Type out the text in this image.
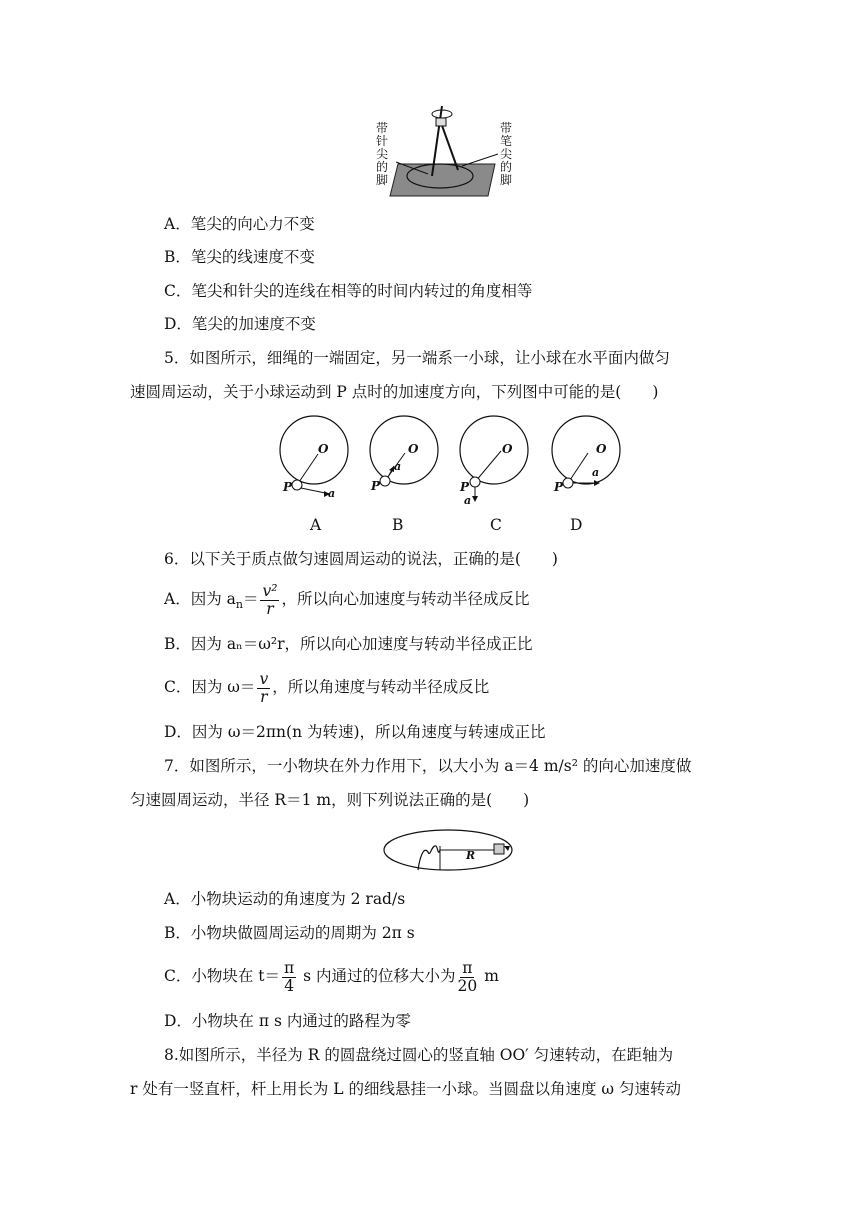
带针尖的脚
带笔尖的脚
A．笔尖的向心力不变
B．笔尖的线速度不变
C．笔尖和针尖的连线在相等的时间内转过的角度相等
D．笔尖的加速度不变
5．如图所示，细绳的一端固定，另一端系一小球，让小球在水平面内做匀
速圆周运动，关于小球运动到 P 点时的加速度方向，下列图中可能的是(　　)
O
P	a
O
P
a
O
P
a
O
P
a
A	B	C	D
6．以下关于质点做匀速圆周运动的说法，正确的是(　　)
A．因为 $a_n= \frac{\text{v²}}{r}$ ，所以向心加速度与转动半径成反比
B．因为 aₙ＝ω²r，所以向心加速度与转动半径成正比
C．因为 $\omega= \frac{v}{r}$ ，所以角速度与转动半径成反比
D．因为 ω＝2πn(n 为转速)，所以角速度与转速成正比
7．如图所示，一小物块在外力作用下，以大小为 a＝4 m/s² 的向心加速度做
匀速圆周运动，半径 R＝1 m，则下列说法正确的是(　　)
R
A．小物块运动的角速度为 2 rad/s
B．小物块做圆周运动的周期为 2π s
C．小物块在 $t= \frac{\pi}{4}$ s 内通过的位移大小为 $\frac{\pi}{20}$ m
D．小物块在 π s 内通过的路程为零
8.如图所示，半径为 R 的圆盘绕过圆心的竖直轴 OO′ 匀速转动，在距轴为
r 处有一竖直杆，杆上用长为 L 的细线悬挂一小球。当圆盘以角速度 ω 匀速转动
